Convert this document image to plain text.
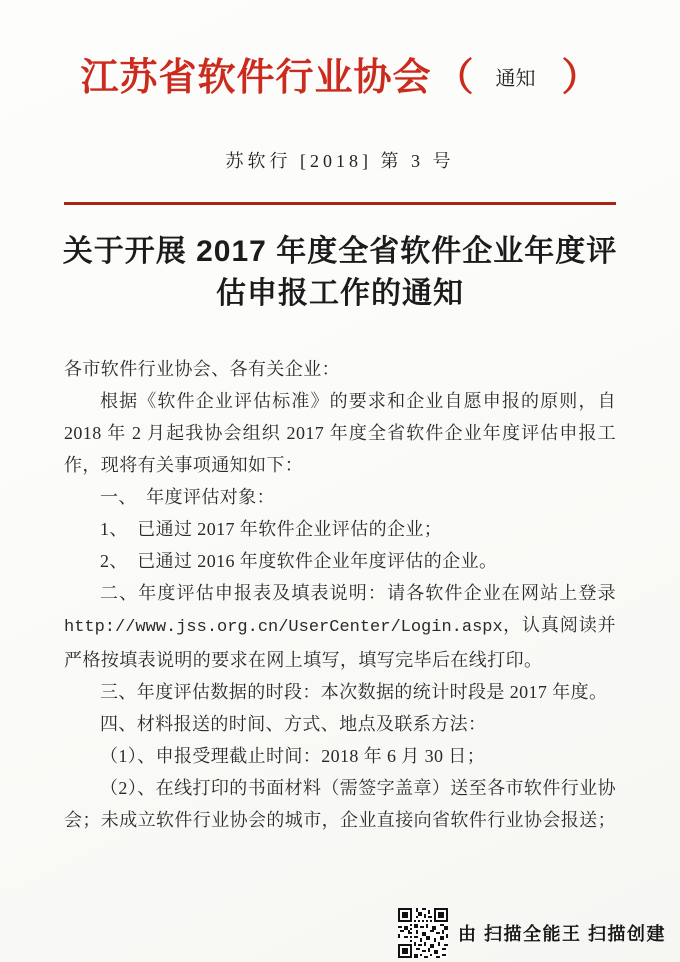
江苏省软件行业协会 （ 通知 ）
苏软行 [2018] 第 3 号
关于开展 2017 年度全省软件企业年度评
估申报工作的通知

各市软件行业协会、各有关企业：

根据《软件企业评估标准》的要求和企业自愿申报的原则，自 2018 年 2 月起我协会组织 2017 年度全省软件企业年度评估申报工作，现将有关事项通知如下：

一、　年度评估对象：

1、　已通过 2017 年软件企业评估的企业；

2、　已通过 2016 年度软件企业年度评估的企业。

二、年度评估申报表及填表说明：请各软件企业在网站上登录http://www.jss.org.cn/UserCenter/Login.aspx，认真阅读并严格按填表说明的要求在网上填写，填写完毕后在线打印。

三、年度评估数据的时段：本次数据的统计时段是 2017 年度。

四、材料报送的时间、方式、地点及联系方法：

（1）、申报受理截止时间：2018 年 6 月 30 日；

（2）、在线打印的书面材料（需签字盖章）送至各市软件行业协会；未成立软件行业协会的城市，企业直接向省软件行业协会报送；

由 扫描全能王 扫描创建
